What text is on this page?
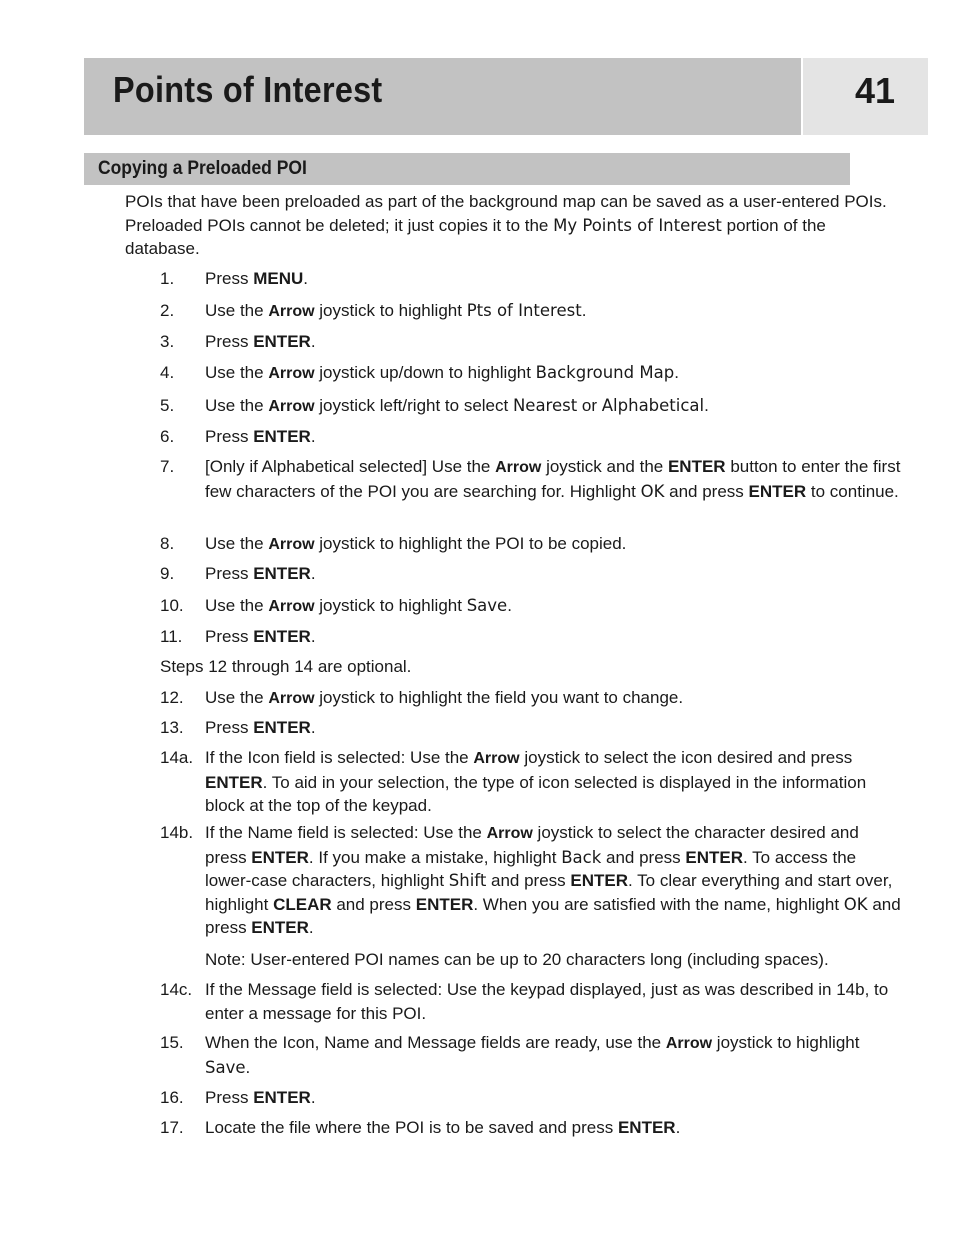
Points of Interest	41
Copying a Preloaded POI

POIs that have been preloaded as part of the background map can be saved as a user-entered POIs. Preloaded POIs cannot be deleted; it just copies it to the My Points of Interest portion of the database.

1. Press MENU.
2. Use the Arrow joystick to highlight Pts of Interest.
3. Press ENTER.
4. Use the Arrow joystick up/down to highlight Background Map.
5. Use the Arrow joystick left/right to select Nearest or Alphabetical.
6. Press ENTER.
7. [Only if Alphabetical selected] Use the Arrow joystick and the ENTER button to enter the first few characters of the POI you are searching for. Highlight OK and press ENTER to continue.
8. Use the Arrow joystick to highlight the POI to be copied.
9. Press ENTER.
10. Use the Arrow joystick to highlight Save.
11. Press ENTER.
12. Use the Arrow joystick to highlight the field you want to change.
13. Press ENTER.
14a. If the Icon field is selected: Use the Arrow joystick to select the icon desired and press ENTER. To aid in your selection, the type of icon selected is displayed in the information block at the top of the keypad.
14b. If the Name field is selected: Use the Arrow joystick to select the character desired and press ENTER. If you make a mistake, highlight Back and press ENTER. To access the lower-case characters, highlight Shift and press ENTER. To clear everything and start over, highlight CLEAR and press ENTER. When you are satisfied with the name, highlight OK and press ENTER.
14c. If the Message field is selected: Use the keypad displayed, just as was described in 14b, to enter a message for this POI.
15. When the Icon, Name and Message fields are ready, use the Arrow joystick to highlight Save.
16. Press ENTER.
17. Locate the file where the POI is to be saved and press ENTER.
Steps 12 through 14 are optional.
Note: User-entered POI names can be up to 20 characters long (including spaces).
